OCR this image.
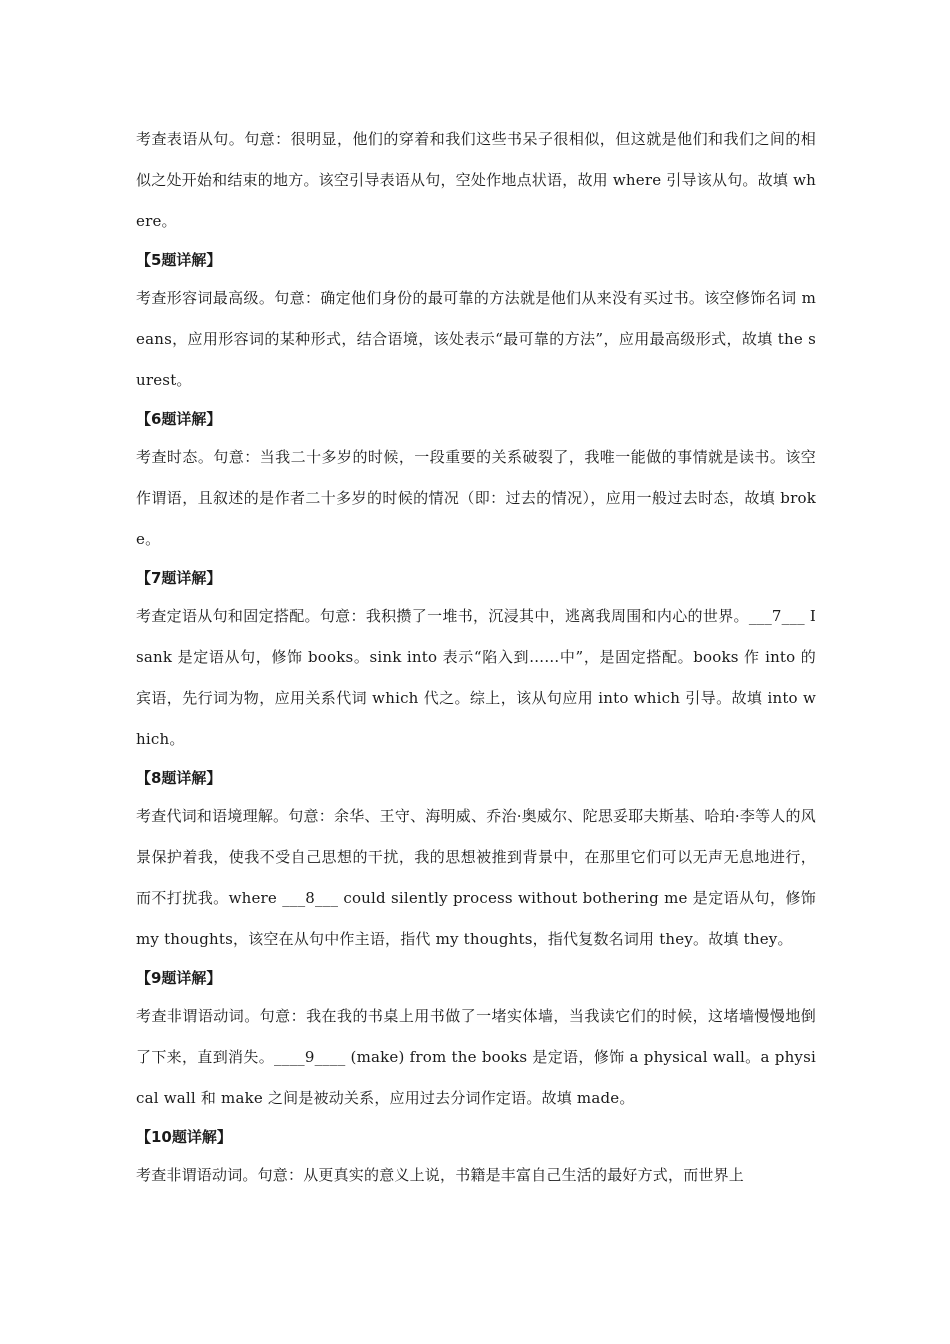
考查表语从句。句意：很明显，他们的穿着和我们这些书呆子很相似，但这就是他们和我们之间的相似之处开始和结束的地方。该空引导表语从句，空处作地点状语，故用 where 引导该从句。故填 where。

【5题详解】

考查形容词最高级。句意：确定他们身份的最可靠的方法就是他们从来没有买过书。该空修饰名词 means，应用形容词的某种形式，结合语境，该处表示“最可靠的方法”，应用最高级形式，故填 the surest。

【6题详解】

考查时态。句意：当我二十多岁的时候，一段重要的关系破裂了，我唯一能做的事情就是读书。该空作谓语，且叙述的是作者二十多岁的时候的情况（即：过去的情况），应用一般过去时态，故填 broke。

【7题详解】

考查定语从句和固定搭配。句意：我积攒了一堆书，沉浸其中，逃离我周围和内心的世界。___7___ I sank 是定语从句，修饰 books。sink into 表示“陷入到……中”，是固定搭配。books 作 into 的宾语，先行词为物，应用关系代词 which 代之。综上，该从句应用 into which 引导。故填 into which。

【8题详解】

考查代词和语境理解。句意：余华、王守、海明威、乔治·奥威尔、陀思妥耶夫斯基、哈珀·李等人的风景保护着我，使我不受自己思想的干扰，我的思想被推到背景中，在那里它们可以无声无息地进行，而不打扰我。where ___8___ could silently process without bothering me 是定语从句，修饰 my thoughts，该空在从句中作主语，指代 my thoughts，指代复数名词用 they。故填 they。

【9题详解】

考查非谓语动词。句意：我在我的书桌上用书做了一堵实体墙，当我读它们的时候，这堵墙慢慢地倒了下来，直到消失。____9____ (make) from the books 是定语，修饰 a physical wall。a physical wall 和 make 之间是被动关系，应用过去分词作定语。故填 made。

【10题详解】

考查非谓语动词。句意：从更真实的意义上说，书籍是丰富自己生活的最好方式，而世界上
